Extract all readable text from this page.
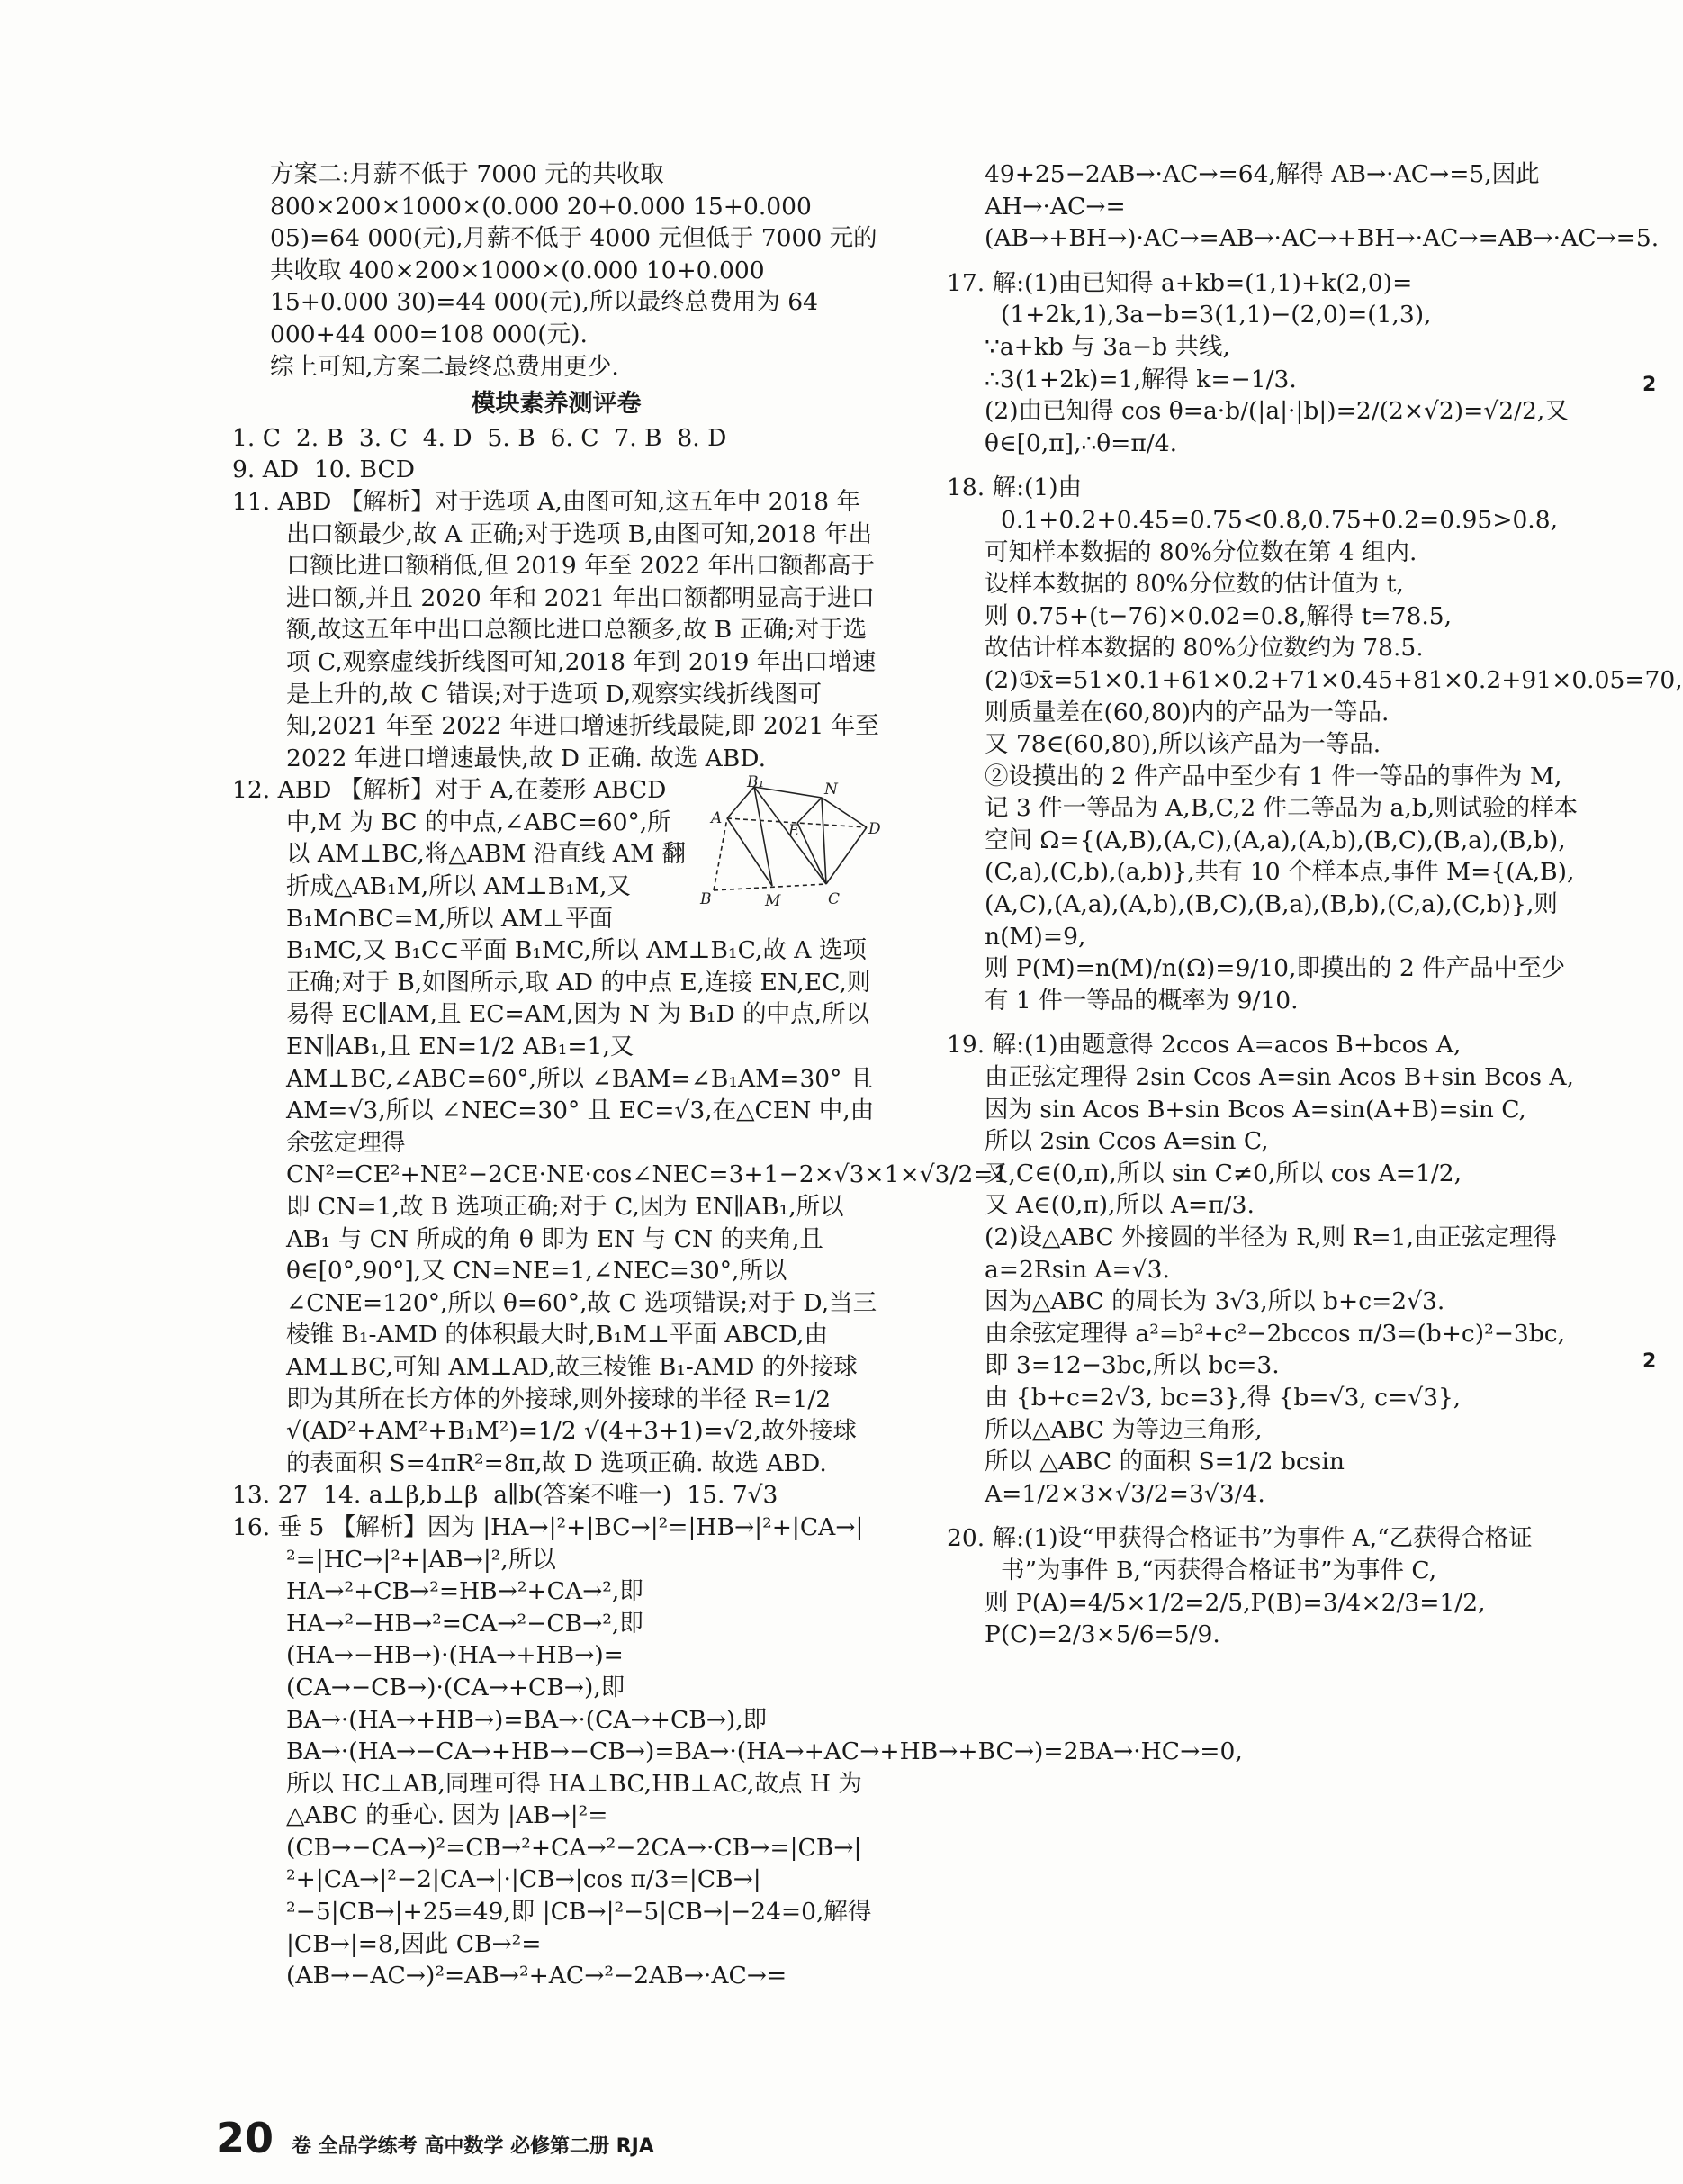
方案二:月薪不低于 7000 元的共收取 800×200×1000×(0.000 20+0.000 15+0.000 05)=64 000(元),月薪不低于 4000 元但低于 7000 元的共收取 400×200×1000×(0.000 10+0.000 15+0.000 30)=44 000(元),所以最终总费用为 64 000+44 000=108 000(元).

综上可知,方案二最终总费用更少.

模块素养测评卷

1. C  2. B  3. C  4. D  5. B  6. C  7. B  8. D

9. AD  10. BCD

11. ABD 【解析】对于选项 A,由图可知,这五年中 2018 年出口额最少,故 A 正确;对于选项 B,由图可知,2018 年出口额比进口额稍低,但 2019 年至 2022 年出口额都高于进口额,并且 2020 年和 2021 年出口额都明显高于进口额,故这五年中出口总额比进口总额多,故 B 正确;对于选项 C,观察虚线折线图可知,2018 年到 2019 年出口增速是上升的,故 C 错误;对于选项 D,观察实线折线图可知,2021 年至 2022 年进口增速折线最陡,即 2021 年至 2022 年进口增速最快,故 D 正确. 故选 ABD.

B₁	N
A
E	D
B	M	C

12. ABD 【解析】对于 A,在菱形 ABCD 中,M 为 BC 的中点,∠ABC=60°,所以 AM⊥BC,将△ABM 沿直线 AM 翻折成△AB₁M,所以 AM⊥B₁M,又 B₁M∩BC=M,所以 AM⊥平面 B₁MC,又 B₁C⊂平面 B₁MC,所以 AM⊥B₁C,故 A 选项正确;对于 B,如图所示,取 AD 的中点 E,连接 EN,EC,则易得 EC∥AM,且 EC=AM,因为 N 为 B₁D 的中点,所以 EN∥AB₁,且 EN=1/2 AB₁=1,又 AM⊥BC,∠ABC=60°,所以 ∠BAM=∠B₁AM=30° 且 AM=√3,所以 ∠NEC=30° 且 EC=√3,在△CEN 中,由余弦定理得 CN²=CE²+NE²−2CE·NE·cos∠NEC=3+1−2×√3×1×√3/2=1,即 CN=1,故 B 选项正确;对于 C,因为 EN∥AB₁,所以 AB₁ 与 CN 所成的角 θ 即为 EN 与 CN 的夹角,且 θ∈[0°,90°],又 CN=NE=1,∠NEC=30°,所以 ∠CNE=120°,所以 θ=60°,故 C 选项错误;对于 D,当三棱锥 B₁-AMD 的体积最大时,B₁M⊥平面 ABCD,由 AM⊥BC,可知 AM⊥AD,故三棱锥 B₁-AMD 的外接球即为其所在长方体的外接球,则外接球的半径 R=1/2 √(AD²+AM²+B₁M²)=1/2 √(4+3+1)=√2,故外接球的表面积 S=4πR²=8π,故 D 选项正确. 故选 ABD.

13. 27  14. a⊥β,b⊥β  a∥b(答案不唯一)  15. 7√3

16. 垂 5 【解析】因为 |HA→|²+|BC→|²=|HB→|²+|CA→|²=|HC→|²+|AB→|²,所以 HA→²+CB→²=HB→²+CA→²,即 HA→²−HB→²=CA→²−CB→²,即(HA→−HB→)·(HA→+HB→)=(CA→−CB→)·(CA→+CB→),即 BA→·(HA→+HB→)=BA→·(CA→+CB→),即 BA→·(HA→−CA→+HB→−CB→)=BA→·(HA→+AC→+HB→+BC→)=2BA→·HC→=0,所以 HC⊥AB,同理可得 HA⊥BC,HB⊥AC,故点 H 为△ABC 的垂心. 因为 |AB→|²=(CB→−CA→)²=CB→²+CA→²−2CA→·CB→=|CB→|²+|CA→|²−2|CA→|·|CB→|cos π/3=|CB→|²−5|CB→|+25=49,即 |CB→|²−5|CB→|−24=0,解得 |CB→|=8,因此 CB→²=(AB→−AC→)²=AB→²+AC→²−2AB→·AC→=

49+25−2AB→·AC→=64,解得 AB→·AC→=5,因此 AH→·AC→=(AB→+BH→)·AC→=AB→·AC→+BH→·AC→=AB→·AC→=5.

17. 解:(1)由已知得 a+kb=(1,1)+k(2,0)=(1+2k,1),3a−b=3(1,1)−(2,0)=(1,3),

∵a+kb 与 3a−b 共线,

∴3(1+2k)=1,解得 k=−1/3.

(2)由已知得 cos θ=a·b/(|a|·|b|)=2/(2×√2)=√2/2,又 θ∈[0,π],∴θ=π/4.

18. 解:(1)由 0.1+0.2+0.45=0.75<0.8,0.75+0.2=0.95>0.8,

可知样本数据的 80%分位数在第 4 组内.

设样本数据的 80%分位数的估计值为 t,

则 0.75+(t−76)×0.02=0.8,解得 t=78.5,

故估计样本数据的 80%分位数约为 78.5.

(2)①x̄=51×0.1+61×0.2+71×0.45+81×0.2+91×0.05=70,

则质量差在(60,80)内的产品为一等品.

又 78∈(60,80),所以该产品为一等品.

②设摸出的 2 件产品中至少有 1 件一等品的事件为 M,

记 3 件一等品为 A,B,C,2 件二等品为 a,b,则试验的样本空间 Ω={(A,B),(A,C),(A,a),(A,b),(B,C),(B,a),(B,b),(C,a),(C,b),(a,b)},共有 10 个样本点,事件 M={(A,B),(A,C),(A,a),(A,b),(B,C),(B,a),(B,b),(C,a),(C,b)},则 n(M)=9,

则 P(M)=n(M)/n(Ω)=9/10,即摸出的 2 件产品中至少有 1 件一等品的概率为 9/10.

19. 解:(1)由题意得 2ccos A=acos B+bcos A,

由正弦定理得 2sin Ccos A=sin Acos B+sin Bcos A,

因为 sin Acos B+sin Bcos A=sin(A+B)=sin C,

所以 2sin Ccos A=sin C,

又 C∈(0,π),所以 sin C≠0,所以 cos A=1/2,

又 A∈(0,π),所以 A=π/3.

(2)设△ABC 外接圆的半径为 R,则 R=1,由正弦定理得 a=2Rsin A=√3.

因为△ABC 的周长为 3√3,所以 b+c=2√3.

由余弦定理得 a²=b²+c²−2bccos π/3=(b+c)²−3bc,即 3=12−3bc,所以 bc=3.

由 {b+c=2√3, bc=3},得 {b=√3, c=√3},

所以△ABC 为等边三角形,

所以 △ABC 的面积 S=1/2 bcsin A=1/2×3×√3/2=3√3/4.

20. 解:(1)设“甲获得合格证书”为事件 A,“乙获得合格证书”为事件 B,“丙获得合格证书”为事件 C,

则 P(A)=4/5×1/2=2/5,P(B)=3/4×2/3=1/2,

P(C)=2/3×5/6=5/9.

20 卷 全品学练考 高中数学 必修第二册 RJA
2
2
